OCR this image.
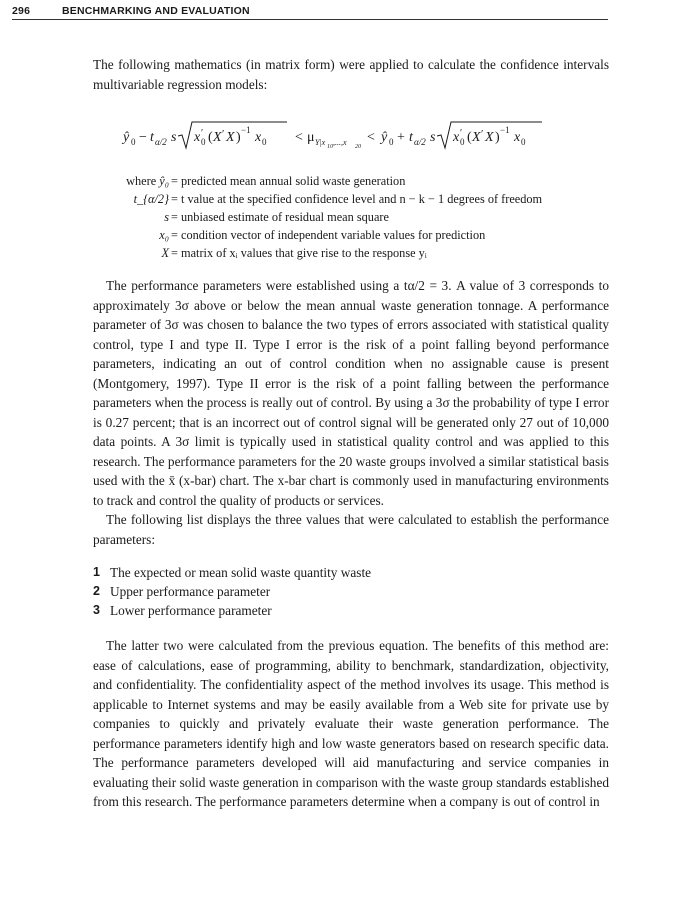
296	BENCHMARKING AND EVALUATION

The following mathematics (in matrix form) were applied to calculate the confidence intervals multivariable regression models:

ŷ 0 − t α/2 s x ′
0 ( X ′ X ) −1 x 0 < μ Y|x 10 ,...,x 20
< ŷ 0 + t α/2 s x ′
0 ( X ′ X ) −1 x 0
where ŷ₀ = predicted mean annual solid waste generation
t_{α/2} = t value at the specified confidence level and n − k − 1 degrees of freedom
s = unbiased estimate of residual mean square
x₀ = condition vector of independent variable values for prediction
X = matrix of xᵢ values that give rise to the response yᵢ

The performance parameters were established using a tα/2 = 3. A value of 3 corresponds to approximately 3σ above or below the mean annual waste generation tonnage. A performance parameter of 3σ was chosen to balance the two types of errors associated with statistical quality control, type I and type II. Type I error is the risk of a point falling beyond performance parameters, indicating an out of control condition when no assignable cause is present (Montgomery, 1997). Type II error is the risk of a point falling between the performance parameters when the process is really out of control. By using a 3σ the probability of type I error is 0.27 percent; that is an incorrect out of control signal will be generated only 27 out of 10,000 data points. A 3σ limit is typically used in statistical quality control and was applied to this research. The performance parameters for the 20 waste groups involved a similar statistical basis used with the x̄ (x-bar) chart. The x-bar chart is commonly used in manufacturing environments to track and control the quality of products or services.

The following list displays the three values that were calculated to establish the performance parameters:

1 The expected or mean solid waste quantity waste
2 Upper performance parameter
3 Lower performance parameter

The latter two were calculated from the previous equation. The benefits of this method are: ease of calculations, ease of programming, ability to benchmark, standardization, objectivity, and confidentiality. The confidentiality aspect of the method involves its usage. This method is applicable to Internet systems and may be easily available from a Web site for private use by companies to quickly and privately evaluate their waste generation performance. The performance parameters identify high and low waste generators based on research specific data. The performance parameters developed will aid manufacturing and service companies in evaluating their solid waste generation in comparison with the waste group standards established from this research. The performance parameters determine when a company is out of control in
